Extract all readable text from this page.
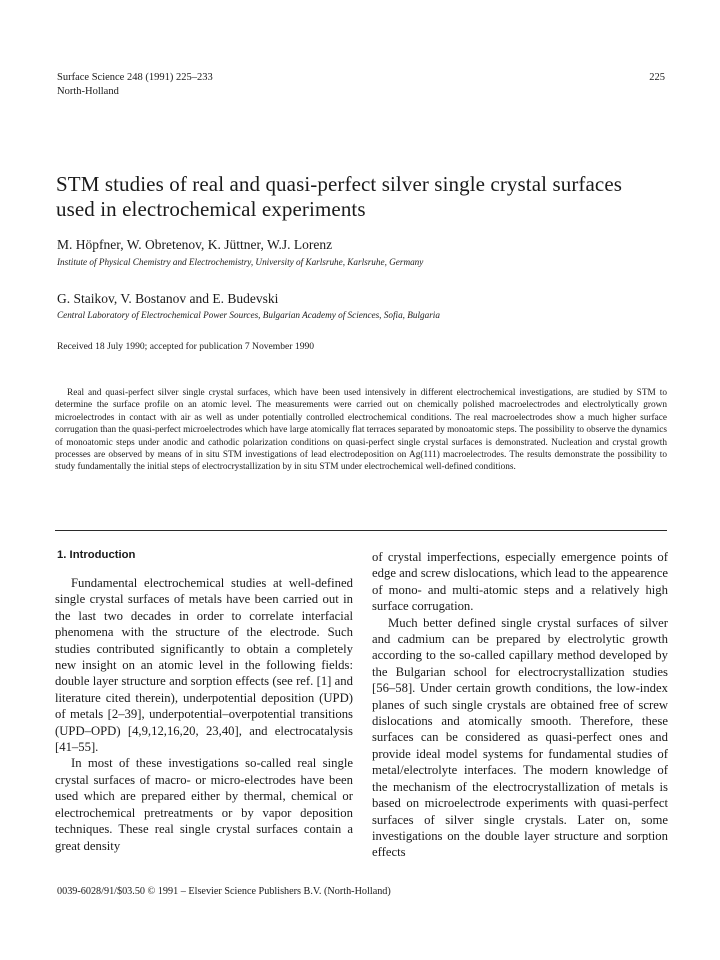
Surface Science 248 (1991) 225–233
North-Holland
225
STM studies of real and quasi-perfect silver single crystal surfaces
used in electrochemical experiments
M. Höpfner, W. Obretenov, K. Jüttner, W.J. Lorenz
Institute of Physical Chemistry and Electrochemistry, University of Karlsruhe, Karlsruhe, Germany
G. Staikov, V. Bostanov and E. Budevski
Central Laboratory of Electrochemical Power Sources, Bulgarian Academy of Sciences, Sofia, Bulgaria
Received 18 July 1990; accepted for publication 7 November 1990

Real and quasi-perfect silver single crystal surfaces, which have been used intensively in different electrochemical investigations, are studied by STM to determine the surface profile on an atomic level. The measurements were carried out on chemically polished macroelectrodes and electrolytically grown microelectrodes in contact with air as well as under potentially controlled electrochemical conditions. The real macroelectrodes show a much higher surface corrugation than the quasi-perfect microelectrodes which have large atomically flat terraces separated by monoatomic steps. The possibility to observe the dynamics of monoatomic steps under anodic and cathodic polarization conditions on quasi-perfect single crystal surfaces is demonstrated. Nucleation and crystal growth processes are observed by means of in situ STM investigations of lead electrodeposition on Ag(111) macroelectrodes. The results demonstrate the possibility to study fundamentally the initial steps of electrocrystallization by in situ STM under electrochemical well-defined conditions.

1. Introduction

Fundamental electrochemical studies at well-defined single crystal surfaces of metals have been carried out in the last two decades in order to correlate interfacial phenomena with the structure of the electrode. Such studies contributed significantly to obtain a completely new insight on an atomic level in the following fields: double layer structure and sorption effects (see ref. [1] and literature cited therein), underpotential deposition (UPD) of metals [2–39], underpotential–overpotential transitions (UPD–OPD) [4,9,12,16,20, 23,40], and electrocatalysis [41–55].

In most of these investigations so-called real single crystal surfaces of macro- or micro-electrodes have been used which are prepared either by thermal, chemical or electrochemical pretreatments or by vapor deposition techniques. These real single crystal surfaces contain a great density

of crystal imperfections, especially emergence points of edge and screw dislocations, which lead to the appearence of mono- and multi-atomic steps and a relatively high surface corrugation.

Much better defined single crystal surfaces of silver and cadmium can be prepared by electrolytic growth according to the so-called capillary method developed by the Bulgarian school for electrocrystallization studies [56–58]. Under certain growth conditions, the low-index planes of such single crystals are obtained free of screw dislocations and atomically smooth. Therefore, these surfaces can be considered as quasi-perfect ones and provide ideal model systems for fundamental studies of metal/electrolyte interfaces. The modern knowledge of the mechanism of the electrocrystallization of metals is based on microelectrode experiments with quasi-perfect surfaces of silver single crystals. Later on, some investigations on the double layer structure and sorption effects

0039-6028/91/$03.50 © 1991 – Elsevier Science Publishers B.V. (North-Holland)
